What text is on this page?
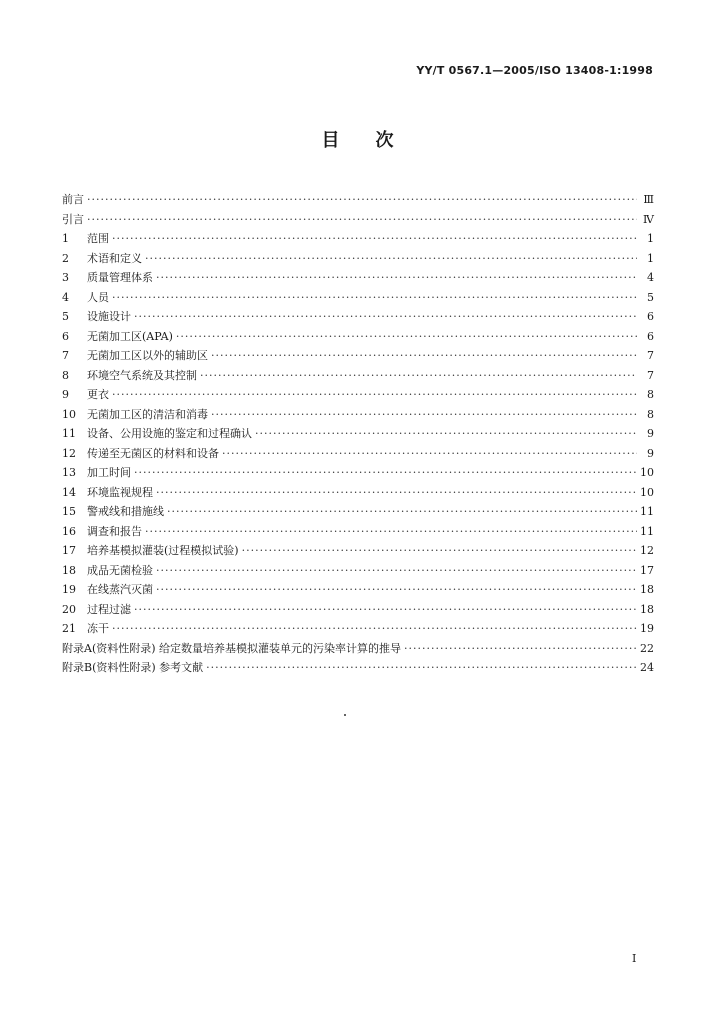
YY/T 0567.1—2005/ISO 13408-1:1998
目次
前言 ·····	Ⅲ
引言 ·····	Ⅳ
1	范围 ·····	1
2	术语和定义 ·····	1
3	质量管理体系 ·····	4
4	人员 ·····	5
5	设施设计 ·····	6
6	无菌加工区(APA) ·····	6
7	无菌加工区以外的辅助区 ·····	7
8	环境空气系统及其控制 ·····	7
9	更衣 ·····	8
10	无菌加工区的清洁和消毒 ·····	8
11	设备、公用设施的鉴定和过程确认 ·····	9
12	传递至无菌区的材料和设备 ·····	9
13	加工时间 ·····	10
14	环境监视规程 ·····	10
15	警戒线和措施线 ·····	11
16	调查和报告 ·····	11
17	培养基模拟灌装(过程模拟试验) ·····	12
18	成品无菌检验 ·····	17
19	在线蒸汽灭菌 ·····	18
20	过程过滤 ·····	18
21	冻干 ·····	19
附录A(资料性附录) 给定数量培养基模拟灌装单元的污染率计算的推导 ·····	22
附录B(资料性附录) 参考文献 ·····	24
I
